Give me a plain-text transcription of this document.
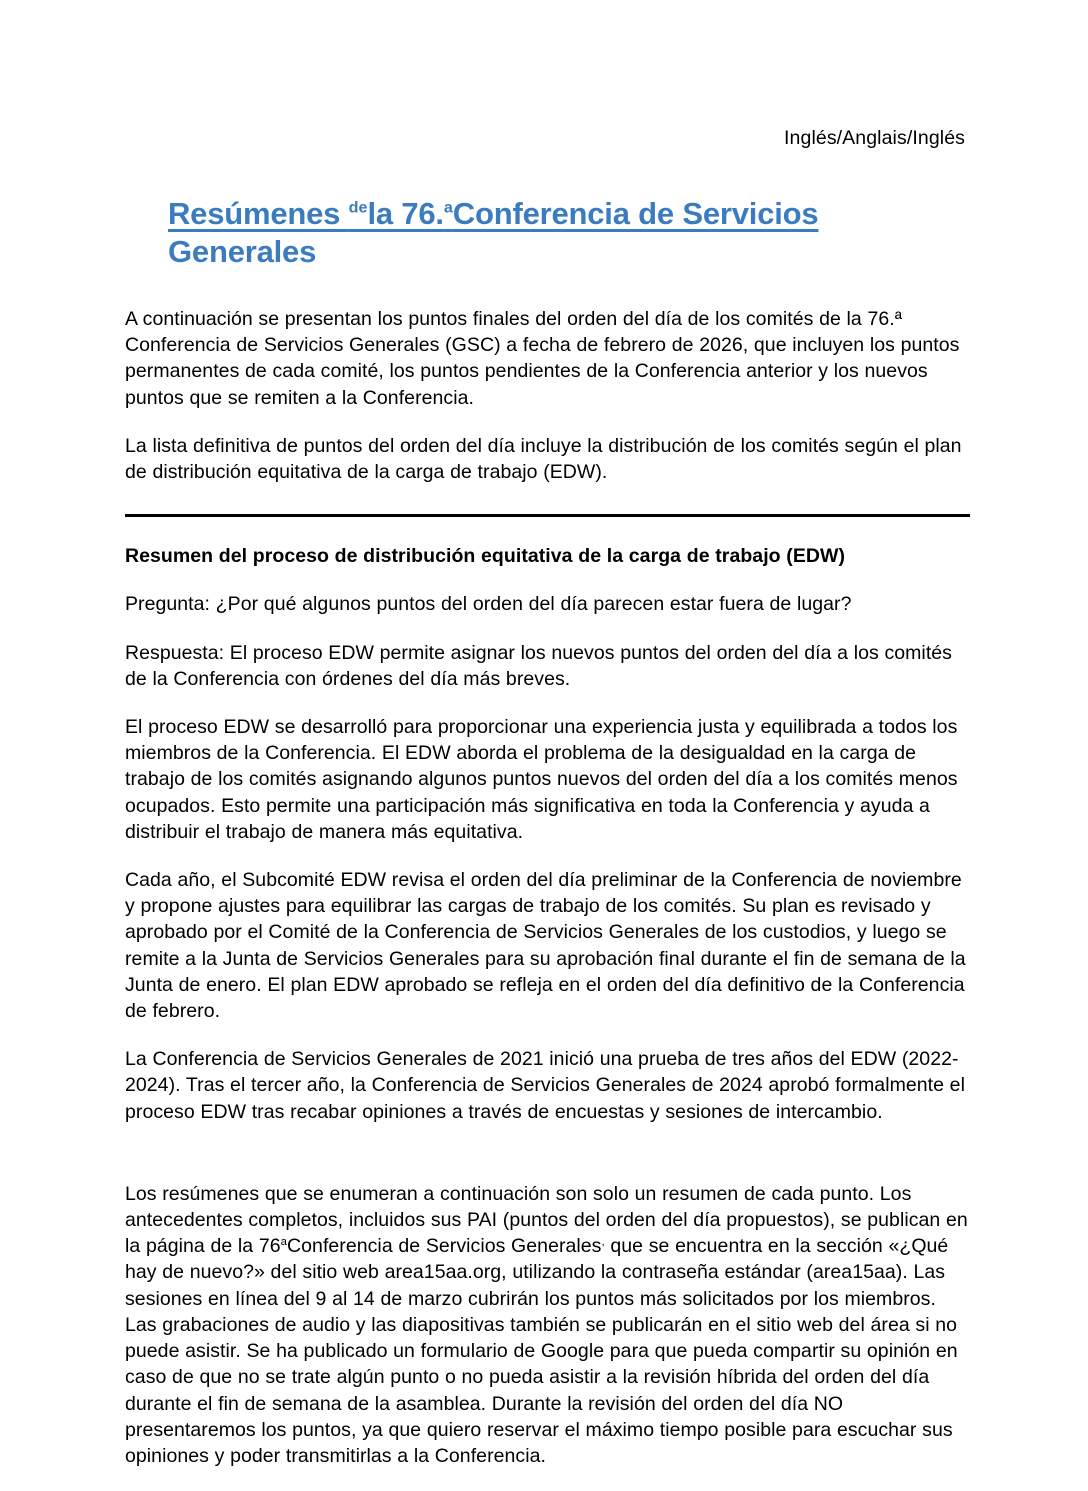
Inglés/Anglais/Inglés
Resúmenes $^{de}$la 76.$^a$Conferencia de Servicios
Generales

A continuación se presentan los puntos finales del orden del día de los comités de la 76.ª Conferencia de Servicios Generales (GSC) a fecha de febrero de 2026, que incluyen los puntos permanentes de cada comité, los puntos pendientes de la Conferencia anterior y los nuevos puntos que se remiten a la Conferencia.

La lista definitiva de puntos del orden del día incluye la distribución de los comités según el plan de distribución equitativa de la carga de trabajo (EDW).

Resumen del proceso de distribución equitativa de la carga de trabajo (EDW)

Pregunta: ¿Por qué algunos puntos del orden del día parecen estar fuera de lugar?

Respuesta: El proceso EDW permite asignar los nuevos puntos del orden del día a los comités de la Conferencia con órdenes del día más breves.

El proceso EDW se desarrolló para proporcionar una experiencia justa y equilibrada a todos los miembros de la Conferencia. El EDW aborda el problema de la desigualdad en la carga de trabajo de los comités asignando algunos puntos nuevos del orden del día a los comités menos ocupados. Esto permite una participación más significativa en toda la Conferencia y ayuda a distribuir el trabajo de manera más equitativa.

Cada año, el Subcomité EDW revisa el orden del día preliminar de la Conferencia de noviembre y propone ajustes para equilibrar las cargas de trabajo de los comités. Su plan es revisado y aprobado por el Comité de la Conferencia de Servicios Generales de los custodios, y luego se remite a la Junta de Servicios Generales para su aprobación final durante el fin de semana de la Junta de enero. El plan EDW aprobado se refleja en el orden del día definitivo de la Conferencia de febrero.

La Conferencia de Servicios Generales de 2021 inició una prueba de tres años del EDW (2022-2024). Tras el tercer año, la Conferencia de Servicios Generales de 2024 aprobó formalmente el proceso EDW tras recabar opiniones a través de encuestas y sesiones de intercambio.

Los resúmenes que se enumeran a continuación son solo un resumen de cada punto. Los antecedentes completos, incluidos sus PAI (puntos del orden del día propuestos), se publican en la página de la 76$^a$Conferencia de Servicios Generales, que se encuentra en la sección «¿Qué hay de nuevo?» del sitio web area15aa.org, utilizando la contraseña estándar (area15aa). Las sesiones en línea del 9 al 14 de marzo cubrirán los puntos más solicitados por los miembros. Las grabaciones de audio y las diapositivas también se publicarán en el sitio web del área si no puede asistir. Se ha publicado un formulario de Google para que pueda compartir su opinión en caso de que no se trate algún punto o no pueda asistir a la revisión híbrida del orden del día durante el fin de semana de la asamblea. Durante la revisión del orden del día NO presentaremos los puntos, ya que quiero reservar el máximo tiempo posible para escuchar sus opiniones y poder transmitirlas a la Conferencia.
